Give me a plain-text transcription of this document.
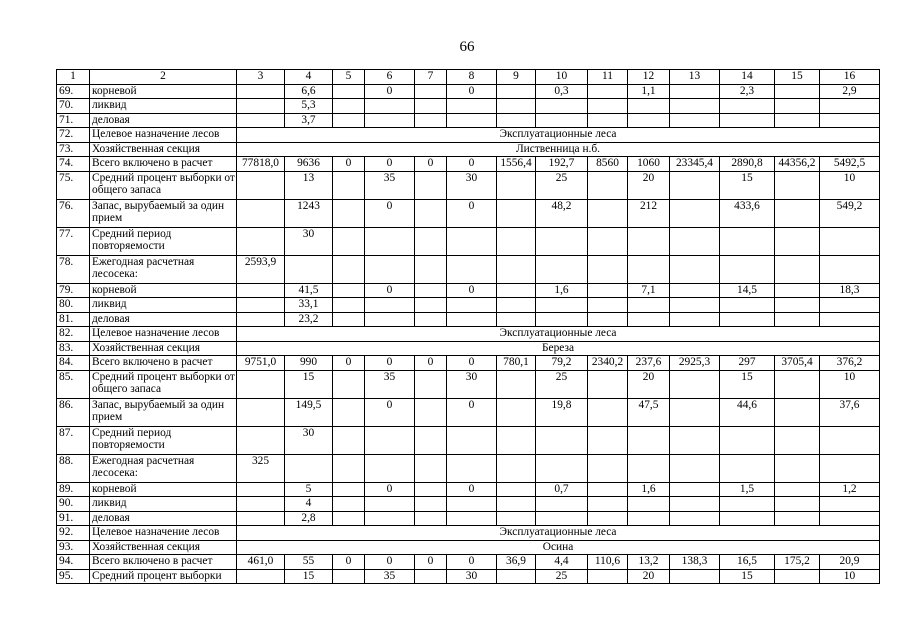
66
1	2	3	4	5	6	7	8	9	10	11	12	13	14	15	16
69.	корневой		6,6		0		0		0,3		1,1		2,3		2,9
70.	ликвид		5,3												
71.	деловая		3,7												
72.	Целевое назначение лесов	Эксплуатационные леса													
73.	Хозяйственная секция	Лиственница н.б.													
74.	Всего включено в расчет	77818,0	9636	0	0	0	0	1556,4	192,7	8560	1060	23345,4	2890,8	44356,2	5492,5
75.	Средний процент выборки от общего запаса		13		35		30		25		20		15		10
76.	Запас, вырубаемый за один прием		1243		0		0		48,2		212		433,6		549,2
77.	Средний период повторяемости		30												
78.	Ежегодная расчетная лесосека:	2593,9													
79.	корневой		41,5		0		0		1,6		7,1		14,5		18,3
80.	ликвид		33,1												
81.	деловая		23,2												
82.	Целевое назначение лесов	Эксплуатационные леса													
83.	Хозяйственная секция	Береза													
84.	Всего включено в расчет	9751,0	990	0	0	0	0	780,1	79,2	2340,2	237,6	2925,3	297	3705,4	376,2
85.	Средний процент выборки от общего запаса		15		35		30		25		20		15		10
86.	Запас, вырубаемый за один прием		149,5		0		0		19,8		47,5		44,6		37,6
87.	Средний период повторяемости		30												
88.	Ежегодная расчетная лесосека:	325													
89.	корневой		5		0		0		0,7		1,6		1,5		1,2
90.	ликвид		4												
91.	деловая		2,8												
92.	Целевое назначение лесов	Эксплуатационные леса													
93.	Хозяйственная секция	Осина													
94.	Всего включено в расчет	461,0	55	0	0	0	0	36,9	4,4	110,6	13,2	138,3	16,5	175,2	20,9
95.	Средний процент выборки		15		35		30		25		20		15		10
